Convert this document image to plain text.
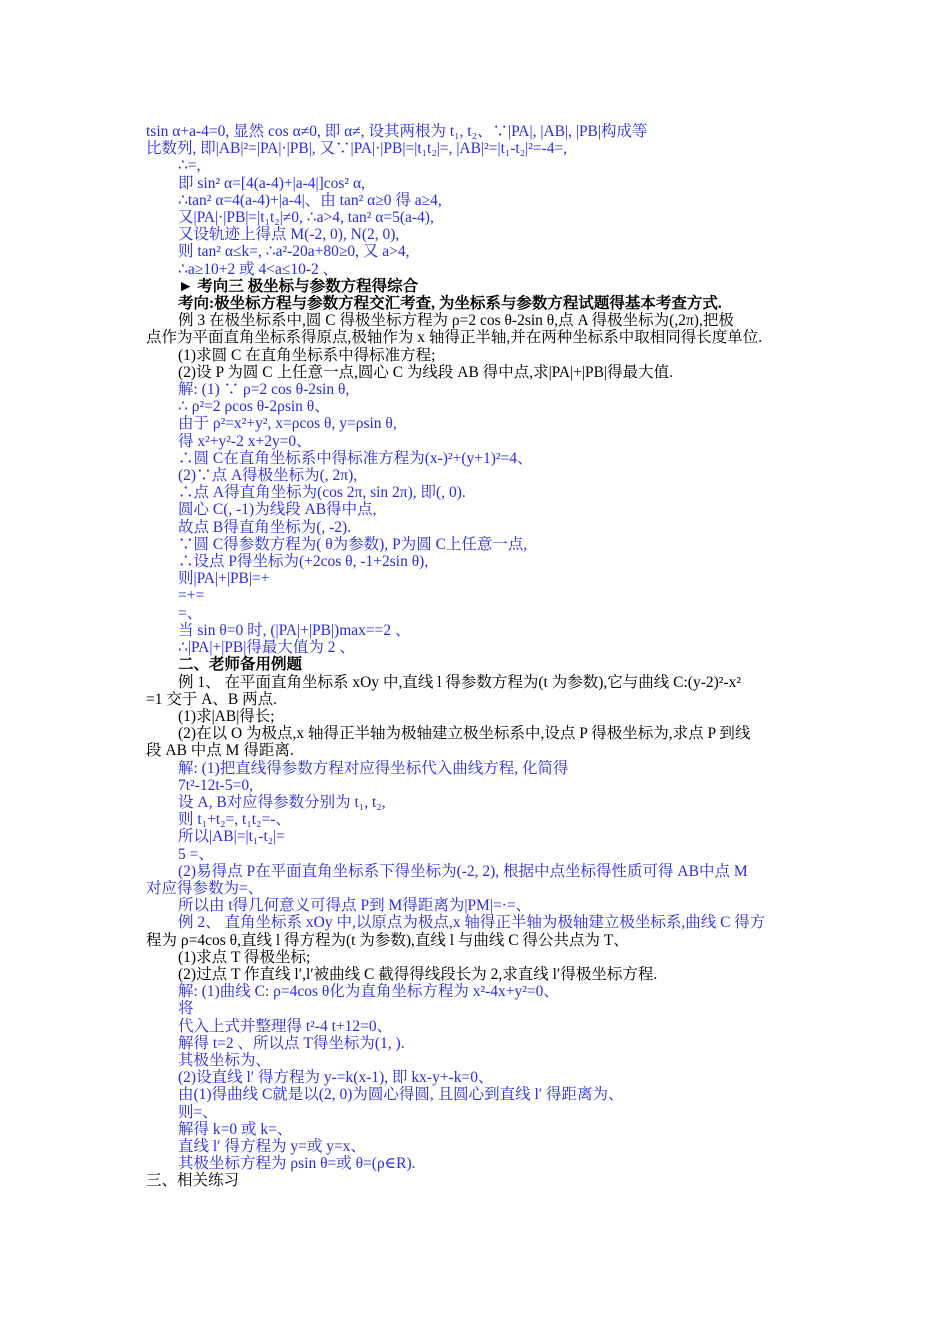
tsin α+a-4=0, 显然 cos α≠0, 即 α≠, 设其两根为 t₁, t₂、∵|PA|, |AB|, |PB|构成等

比数列, 即|AB|²=|PA|·|PB|, 又∵|PA|·|PB|=|t₁t₂|=, |AB|²=|t₁-t₂|²=-4=,

∴=,

即 sin² α=[4(a-4)+|a-4|]cos² α,

∴tan² α=4(a-4)+|a-4|、由 tan² α≥0 得 a≥4,

又|PA|·|PB|=|t₁t₂|≠0, ∴a>4, tan² α=5(a-4),

又设轨迹上得点 M(-2, 0), N(2, 0),

则 tan² α≤k=, ∴a²-20a+80≥0, 又 a>4,

∴a≥10+2 或 4<a≤10-2 、

► 考向三 极坐标与参数方程得综合

考向:极坐标方程与参数方程交汇考查, 为坐标系与参数方程试题得基本考查方式.

例 3 在极坐标系中,圆 C 得极坐标方程为 ρ=2 cos θ-2sin θ,点 A 得极坐标为(,2π),把极

点作为平面直角坐标系得原点,极轴作为 x 轴得正半轴,并在两种坐标系中取相同得长度单位.

(1)求圆 C 在直角坐标系中得标准方程;

(2)设 P 为圆 C 上任意一点,圆心 C 为线段 AB 得中点,求|PA|+|PB|得最大值.

解: (1) ∵ ρ=2 cos θ-2sin θ,

∴ ρ²=2 ρcos θ-2ρsin θ、

由于 ρ²=x²+y², x=ρcos θ, y=ρsin θ,

得 x²+y²-2 x+2y=0、

∴圆 C在直角坐标系中得标准方程为(x-)²+(y+1)²=4、

(2)∵点 A得极坐标为(, 2π),

∴点 A得直角坐标为(cos 2π, sin 2π), 即(, 0).

圆心 C(, -1)为线段 AB得中点,

故点 B得直角坐标为(, -2).

∵圆 C得参数方程为( θ为参数), P为圆 C上任意一点,

∴设点 P得坐标为(+2cos θ, -1+2sin θ),

则|PA|+|PB|=+

=+=

=、

当 sin θ=0 时, (|PA|+|PB|)max==2 、

∴|PA|+|PB|得最大值为 2 、

二、老师备用例题

例 1、 在平面直角坐标系 xOy 中,直线 l 得参数方程为(t 为参数),它与曲线 C:(y-2)²-x²

=1 交于 A、B 两点.

(1)求|AB|得长;

(2)在以 O 为极点,x 轴得正半轴为极轴建立极坐标系中,设点 P 得极坐标为,求点 P 到线

段 AB 中点 M 得距离.

解: (1)把直线得参数方程对应得坐标代入曲线方程, 化简得

7t²-12t-5=0,

设 A, B对应得参数分别为 t₁, t₂,

则 t₁+t₂=, t₁t₂=-、

所以|AB|=|t₁-t₂|=

5 =、

(2)易得点 P在平面直角坐标系下得坐标为(-2, 2), 根据中点坐标得性质可得 AB中点 M

对应得参数为=、

所以由 t得几何意义可得点 P到 M得距离为|PM|=·=、

例 2、 直角坐标系 xOy 中,以原点为极点,x 轴得正半轴为极轴建立极坐标系,曲线 C 得方

程为 ρ=4cos θ,直线 l 得方程为(t 为参数),直线 l 与曲线 C 得公共点为 T、

(1)求点 T 得极坐标;

(2)过点 T 作直线 l′,l′被曲线 C 截得得线段长为 2,求直线 l′得极坐标方程.

解: (1)曲线 C: ρ=4cos θ化为直角坐标方程为 x²-4x+y²=0、

将

代入上式并整理得 t²-4 t+12=0、

解得 t=2 、所以点 T得坐标为(1, ).

其极坐标为、

(2)设直线 l′ 得方程为 y-=k(x-1), 即 kx-y+-k=0、

由(1)得曲线 C就是以(2, 0)为圆心得圆, 且圆心到直线 l′ 得距离为、

则=、

解得 k=0 或 k=、

直线 l′ 得方程为 y=或 y=x、

其极坐标方程为 ρsin θ=或 θ=(ρ∈R).

三、相关练习
